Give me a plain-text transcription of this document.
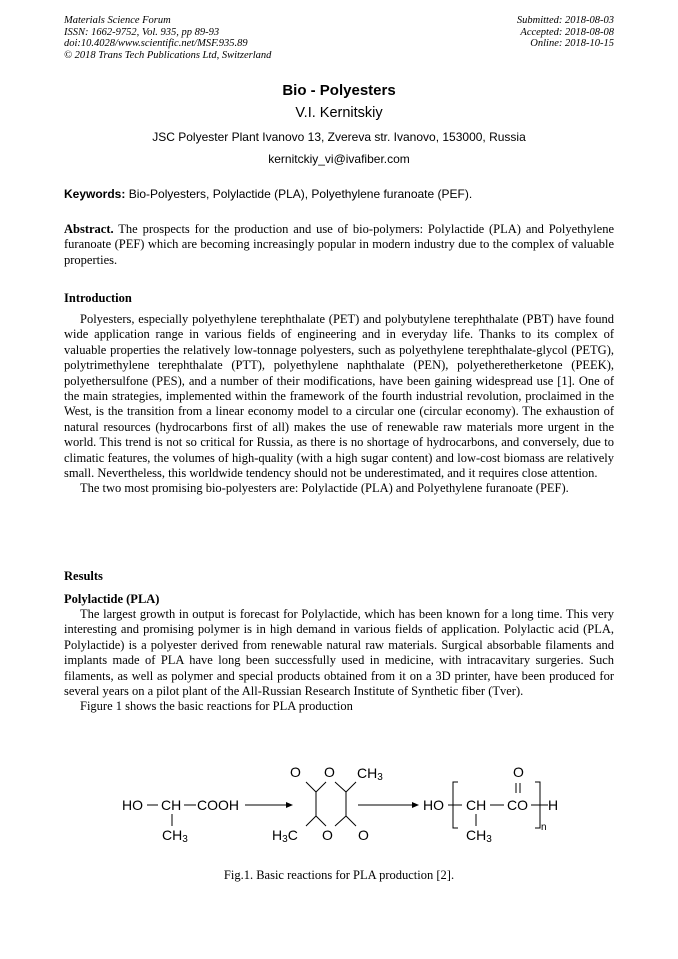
Materials Science Forum
ISSN: 1662-9752, Vol. 935, pp 89-93
doi:10.4028/www.scientific.net/MSF.935.89
© 2018 Trans Tech Publications Ltd, Switzerland
Submitted: 2018-08-03
Accepted: 2018-08-08
Online: 2018-10-15
Bio - Polyesters
V.I. Kernitskiy
JSC Polyester Plant Ivanovo 13, Zvereva str. Ivanovo, 153000, Russia
kernitckiy_vi@ivafiber.com
Keywords: Bio-Polyesters, Polylactide (PLA), Polyethylene furanoate (PEF).
Abstract. The prospects for the production and use of bio-polymers: Polylactide (PLA) and Polyethylene furanoate (PEF) which are becoming increasingly popular in modern industry due to the complex of valuable properties.
Introduction

Polyesters, especially polyethylene terephthalate (PET) and polybutylene terephthalate (PBT) have found wide application range in various fields of engineering and in everyday life. Thanks to its complex of valuable properties the relatively low-tonnage polyesters, such as polyethylene terephthalate-glycol (PETG), polytrimethylene terephthalate (PTT), polyethylene naphthalate (PEN), polyetheretherketone (PEEK), polyethersulfone (PES), and a number of their modifications, have been gaining widespread use [1]. One of the main strategies, implemented within the framework of the fourth industrial revolution, proclaimed in the West, is the transition from a linear economy model to a circular one (circular economy). The exhaustion of natural resources (hydrocarbons first of all) makes the use of renewable raw materials more urgent in the world. This trend is not so critical for Russia, as there is no shortage of hydrocarbons, and conversely, due to climatic features, the volumes of high-quality (with a high sugar content) and low-cost biomass are relatively small. Nevertheless, this worldwide tendency should not be underestimated, and it requires close attention.

The two most promising bio-polyesters are: Polylactide (PLA) and Polyethylene furanoate (PEF).

Results
Polylactide (PLA)

The largest growth in output is forecast for Polylactide, which has been known for a long time. This very interesting and promising polymer is in high demand in various fields of application. Polylactic acid (PLA, Polylactide) is a polyester derived from renewable natural raw materials. Surgical absorbable filaments and implants made of PLA have long been successfully used in medicine, with intracavitary surgeries. Such filaments, as well as polymer and special products obtained from it on a 3D printer, have been produced for several years on a pilot plant of the All-Russian Research Institute of Synthetic fiber (Tver).

Figure 1 shows the basic reactions for PLA production

HO CH COOH
CH3
O O CH3
H3C O O
HO CH CO
CH3
O
H
n
Fig.1. Basic reactions for PLA production [2].
